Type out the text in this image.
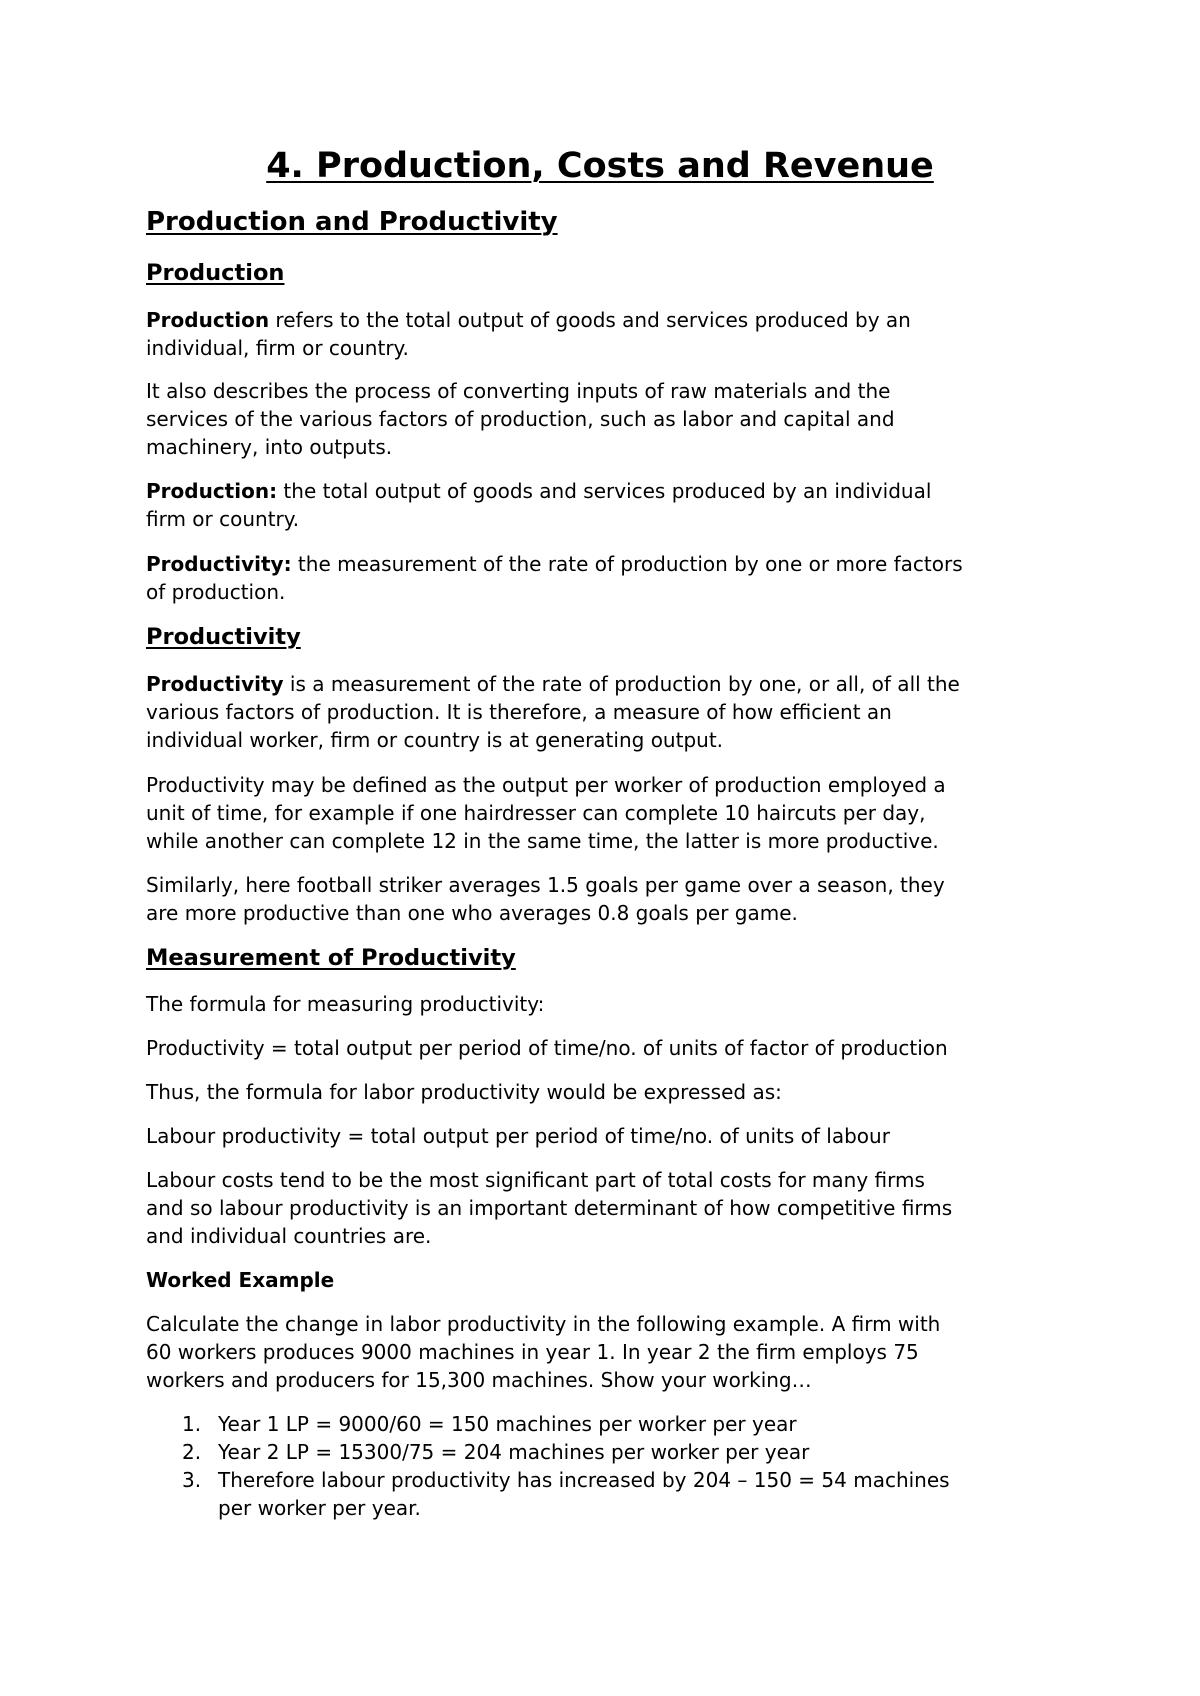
4. Production, Costs and Revenue
Production and Productivity
Production

Production refers to the total output of goods and services produced by an
individual, firm or country.

It also describes the process of converting inputs of raw materials and the
services of the various factors of production, such as labor and capital and
machinery, into outputs.

Production: the total output of goods and services produced by an individual
firm or country.

Productivity: the measurement of the rate of production by one or more factors
of production.

Productivity

Productivity is a measurement of the rate of production by one, or all, of all the
various factors of production. It is therefore, a measure of how efficient an
individual worker, firm or country is at generating output.

Productivity may be defined as the output per worker of production employed a
unit of time, for example if one hairdresser can complete 10 haircuts per day,
while another can complete 12 in the same time, the latter is more productive.

Similarly, here football striker averages 1.5 goals per game over a season, they
are more productive than one who averages 0.8 goals per game.

Measurement of Productivity

The formula for measuring productivity:

Productivity = total output per period of time/no. of units of factor of production

Thus, the formula for labor productivity would be expressed as:

Labour productivity = total output per period of time/no. of units of labour

Labour costs tend to be the most significant part of total costs for many firms
and so labour productivity is an important determinant of how competitive firms
and individual countries are.

Worked Example

Calculate the change in labor productivity in the following example. A firm with
60 workers produces 9000 machines in year 1. In year 2 the firm employs 75
workers and producers for 15,300 machines. Show your working…

1. Year 1 LP = 9000/60 = 150 machines per worker per year
2. Year 2 LP = 15300/75 = 204 machines per worker per year
3. Therefore labour productivity has increased by 204 – 150 = 54 machines
per worker per year.
